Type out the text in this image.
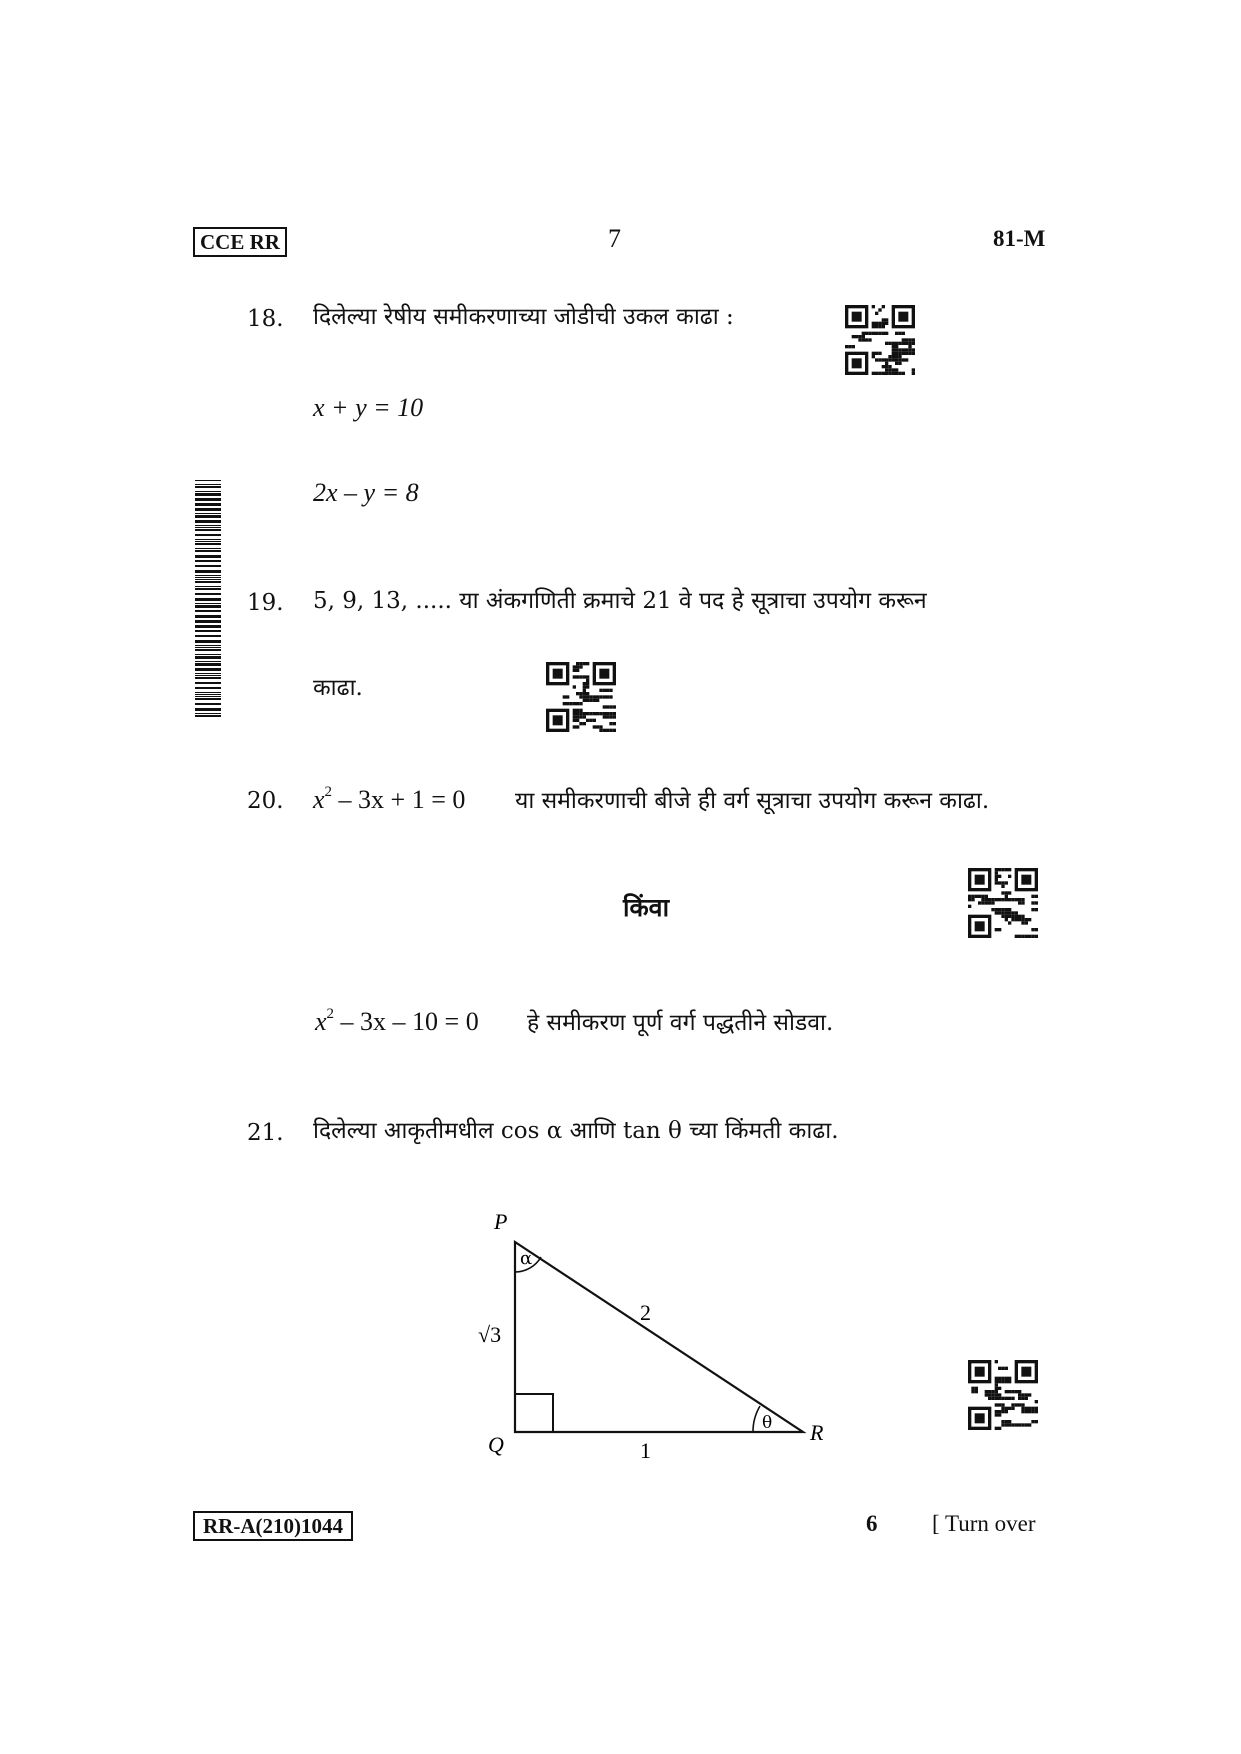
CCE RR	7	81-M
18. दिलेल्या रेषीय समीकरणाच्या जोडीची उकल काढा :
x + y = 10
2x – y = 8
19. 5, 9, 13, ..... या अंकगणिती क्रमाचे 21 वे पद हे सूत्राचा उपयोग करून
काढा.
20. $x^2 - 3x + 1 = 0$ या समीकरणाची बीजे ही वर्ग सूत्राचा उपयोग करून काढा.
किंवा
$x^2 - 3x - 10 = 0$ हे समीकरण पूर्ण वर्ग पद्धतीने सोडवा.
21. दिलेल्या आकृतीमधील cos α आणि tan θ च्या किंमती काढा.
P
Q	R
√3
2
1
α
θ
RR-A(210)1044	6 [ Turn over
